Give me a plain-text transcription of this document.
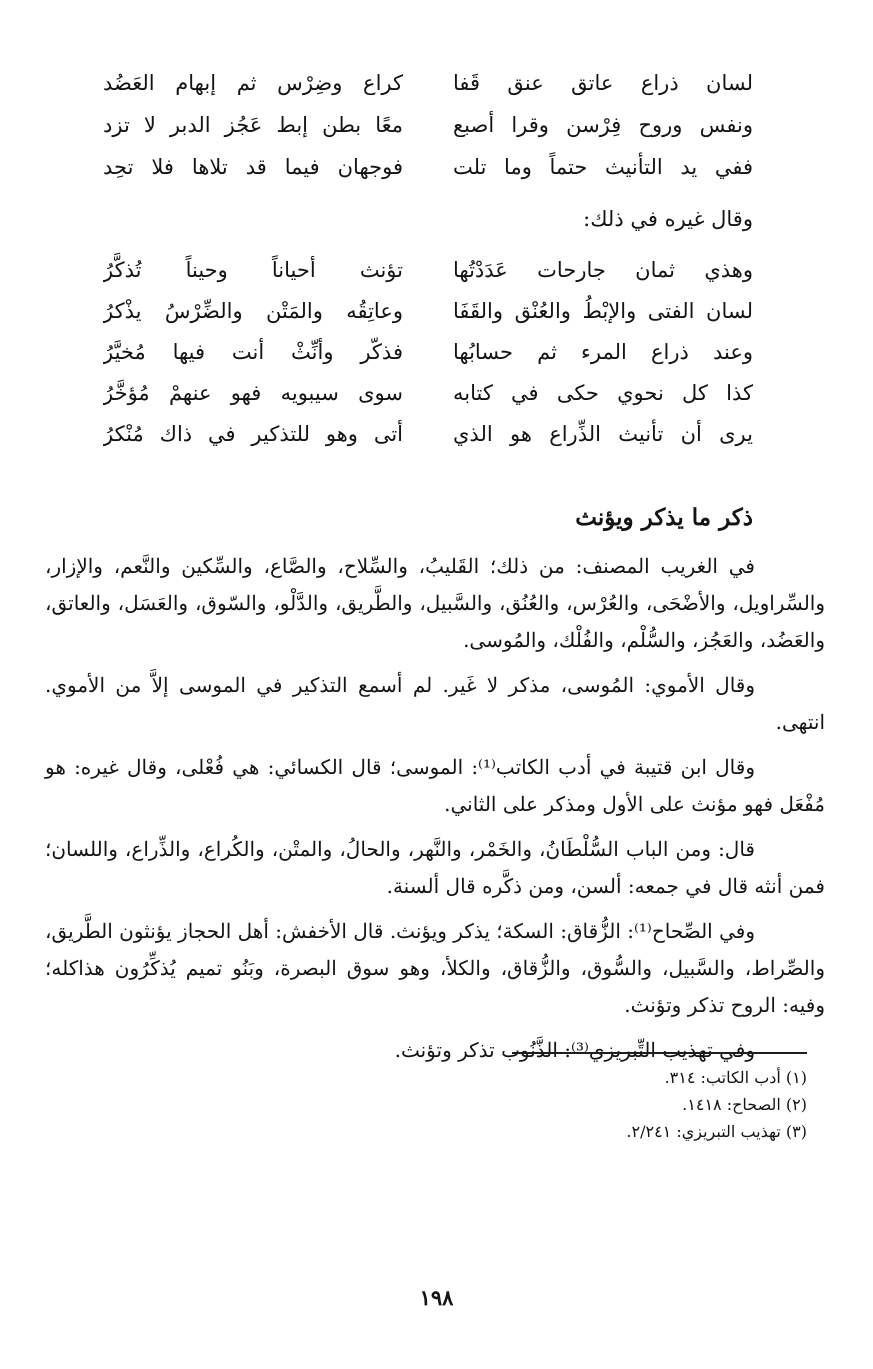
لسان ذراع عاتق عنق قَفا
كراع وضِرْس ثم إبهام العَضُد
ونفس وروح فِرْسن وقرا أصبع
معًا بطن إبط عَجُز الدبر لا تزد
ففي يد التأنيث حتماً وما تلت
فوجهان فيما قد تلاها فلا تحِد
وقال غيره في ذلك:
وهذي ثمان جارحات عَدَدْتُها
تؤنث أحياناً وحيناً تُذكَّرُ
لسان الفتى والإبْطُ والعُنْق والقَفَا
وعاتِقُه والمَتْن والضِّرْسُ يذْكرُ
وعند ذراع المرء ثم حسابُها
فذكّر وأنِّثْ أنت فيها مُخيَّرُ
كذا كل نحوي حكى في كتابه
سوى سيبويه فهو عنهمْ مُؤخَّرُ
يرى أن تأنيث الذِّراع هو الذي
أتى وهو للتذكير في ذاك مُنْكرُ
ذكر ما يذكر ويؤنث

في الغريب المصنف: من ذلك؛ القَليبُ، والسِّلاح، والصَّاع، والسِّكين والنَّعم، والإزار، والسِّراويل، والأضْحَى، والعُرْس، والعُنُق، والسَّبيل، والطَّريق، والدَّلْو، والسّوق، والعَسَل، والعاتق، والعَضُد، والعَجُز، والسُّلْم، والفُلْك، والمُوسى.

وقال الأموي: المُوسى، مذكر لا غَير. لم أسمع التذكير في الموسى إلاَّ من الأموي. انتهى.

وقال ابن قتيبة في أدب الكاتب⁽¹⁾: الموسى؛ قال الكسائي: هي فُعْلى، وقال غيره: هو مُفْعَل فهو مؤنث على الأول ومذكر على الثاني.

قال: ومن الباب السُّلْطَانُ، والخَمْر، والنَّهر، والحالُ، والمتْن، والكُراع، والذِّراع، واللسان؛ فمن أنثه قال في جمعه: ألسن، ومن ذكَّره قال ألسنة.

وفي الصِّحاح⁽¹⁾: الزُّقاق: السكة؛ يذكر ويؤنث. قال الأخفش: أهل الحجاز يؤنثون الطَّريق، والصِّراط، والسَّبيل، والسُّوق، والزُّقاق، والكلأ، وهو سوق البصرة، وبَنُو تميم يُذكِّرُون هذاكله؛ وفيه: الروح تذكر وتؤنث.

وفي تهذيب التِّبريزي⁽³⁾: الذَّنُوب تذكر وتؤنث.

(١) أدب الكاتب: ٣١٤.
(٢) الصحاح: ١٤١٨.
(٣) تهذيب التبريزي: ٢/٢٤١.
١٩٨
